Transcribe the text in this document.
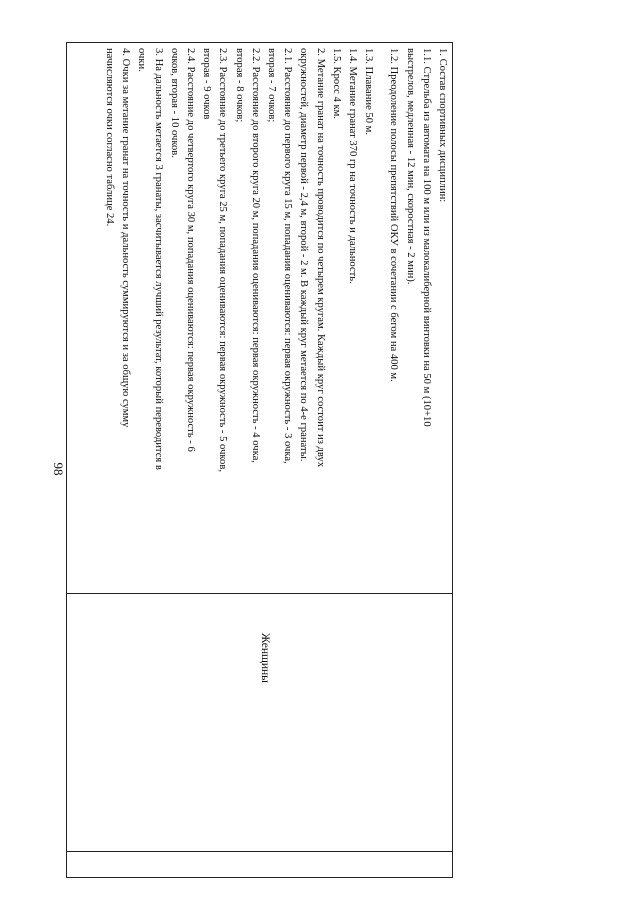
98
Женщины

1. Состав спортивных дисциплин:

1.1. Стрельба из автомата на 100 м или из малокалиберной винтовки на 50 м (10+10

выстрелов, медленная - 12 мин, скоростная - 2 мин).

1.2. Преодоление полосы препятствий ОКУ в сочетании с бегом на 400 м.

1.3. Плавание 50 м.

1.4. Метание гранат 370 гр на точность и дальность.

1.5. Кросс 4 км.

2. Метание гранат на точность проводится по четырем кругам. Каждый круг состоит из двух

окружностей, диаметр первой - 2,4 м, второй - 2 м. В каждый круг метается по 4-е гранаты.

2.1. Расстояние до первого круга 15 м, попадания оцениваются: первая окружность - 3 очка,

вторая - 7 очков;

2.2. Расстояние до второго круга 20 м, попадания оцениваются: первая окружность - 4 очка,

вторая - 8 очков;

2.3. Расстояние до третьего круга 25 м, попадания оцениваются: первая окружность - 5 очков,

вторая - 9 очков

2.4. Расстояние до четвертого круга 30 м, попадания оцениваются: первая окружность - 6

очков, вторая - 10 очков.

3. На дальность метается 3 гранаты, засчитывается лучший результат, который переводится в

очки.

4. Очки за метание гранат на точность и дальность суммируются и за общую сумму

начисляются очки согласно таблице 24.
